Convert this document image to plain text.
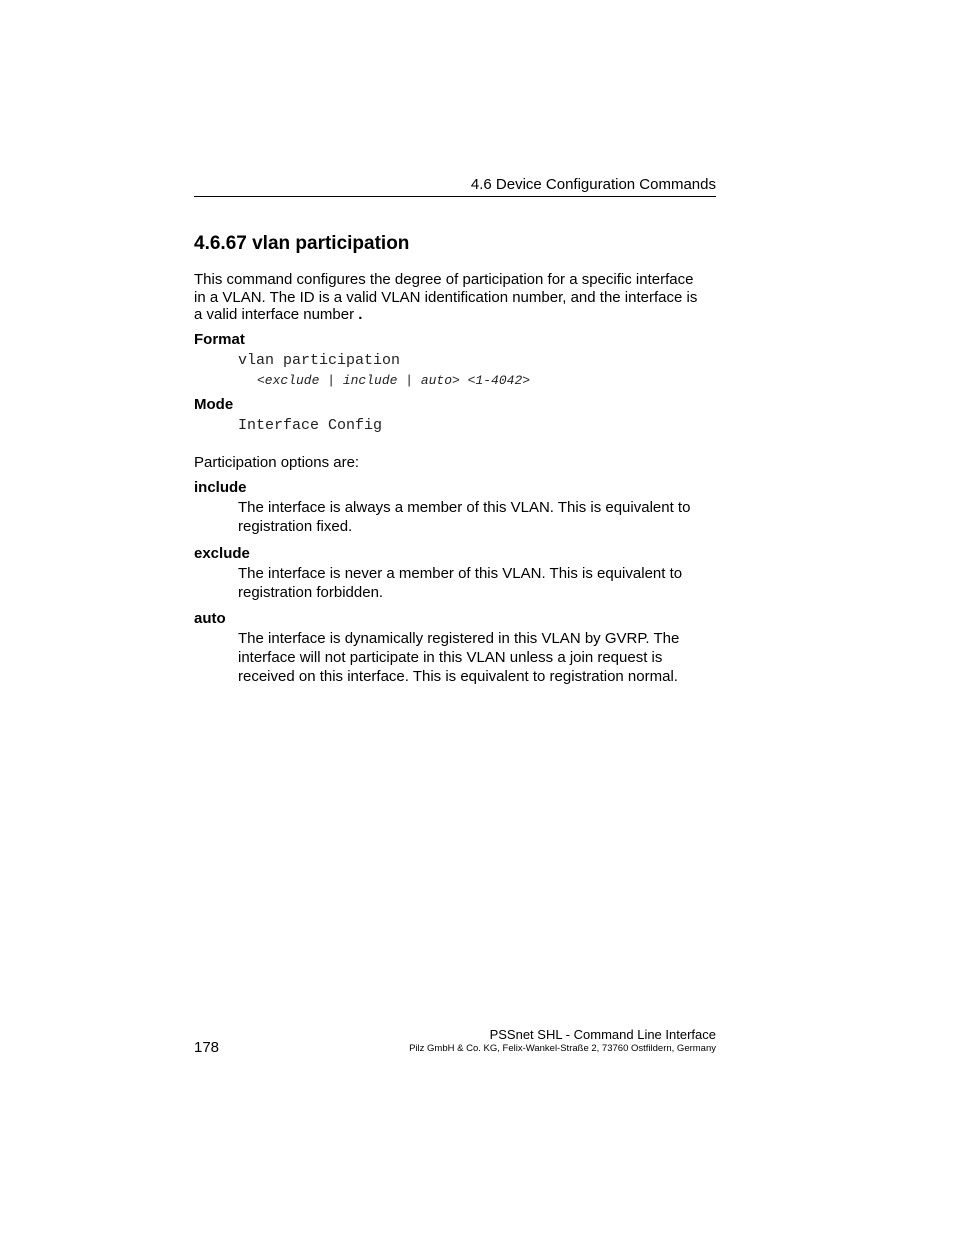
4.6 Device Configuration Commands
4.6.67 vlan participation

This command configures the degree of participation for a specific interface

in a VLAN. The ID is a valid VLAN identification number, and the interface is

a valid interface number .

Format
vlan participation
<exclude | include | auto> <1-4042>
Mode
Interface Config
Participation options are:
include

The interface is always a member of this VLAN. This is equivalent to

registration fixed.

exclude

The interface is never a member of this VLAN. This is equivalent to

registration forbidden.

auto

The interface is dynamically registered in this VLAN by GVRP. The

interface will not participate in this VLAN unless a join request is

received on this interface. This is equivalent to registration normal.

178
PSSnet SHL - Command Line Interface
Pilz GmbH & Co. KG, Felix-Wankel-Straße 2, 73760 Ostfildern, Germany
